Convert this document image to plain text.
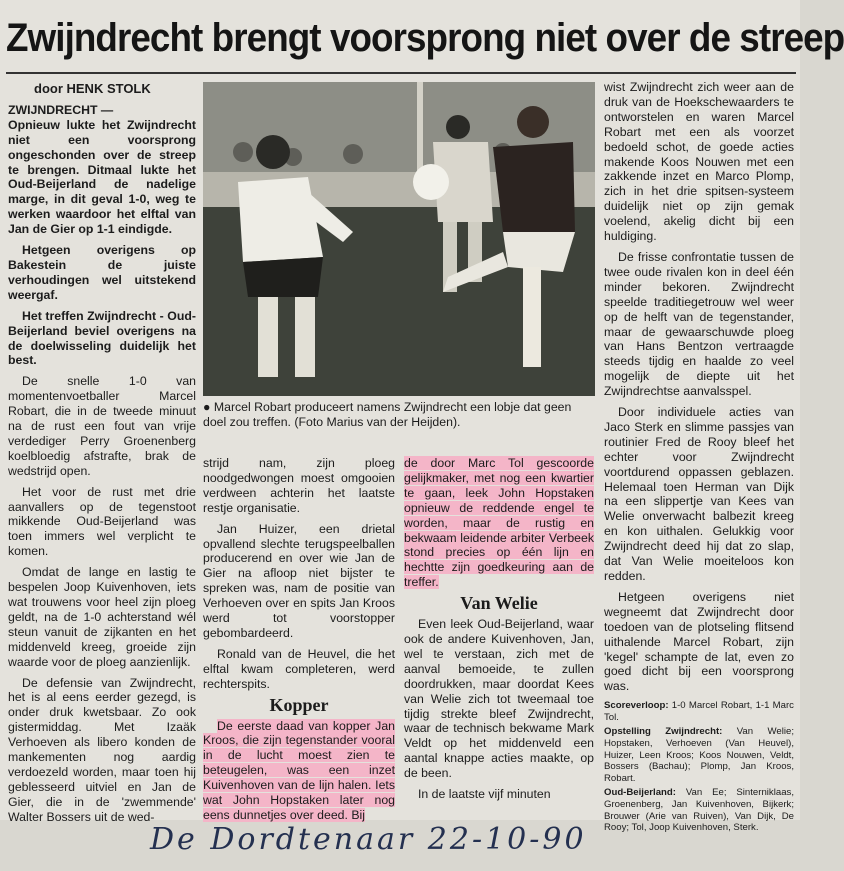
Zwijndrecht brengt voorsprong niet over de streep
door HENK STOLK

ZWIJNDRECHT —
Opnieuw lukte het Zwijndrecht niet een voorsprong ongeschonden over de streep te brengen. Ditmaal lukte het Oud-Beijerland de nadelige marge, in dit geval 1-0, weg te werken waardoor het elftal van Jan de Gier op 1-1 eindigde.

Hetgeen overigens op Bakestein de juiste verhoudingen wel uitstekend weergaf.

Het treffen Zwijndrecht - Oud-Beijerland beviel overigens na de doelwisseling duidelijk het best.

De snelle 1-0 van momentenvoetballer Marcel Robart, die in de tweede minuut na de rust een fout van vrije verdediger Perry Groenenberg koelbloedig afstrafte, brak de wedstrijd open.

Het voor de rust met drie aanvallers op de tegenstoot mikkende Oud-Beijerland was toen immers wel verplicht te komen.

Omdat de lange en lastig te bespelen Joop Kuivenhoven, iets wat trouwens voor heel zijn ploeg geldt, na de 1-0 achterstand wél steun vanuit de zijkanten en het middenveld kreeg, groeide zijn waarde voor de ploeg aanzienlijk.

De defensie van Zwijndrecht, het is al eens eerder gezegd, is onder druk kwetsbaar. Zo ook gistermiddag. Met Izaäk Verhoeven als libero konden de mankementen nog aardig verdoezeld worden, maar toen hij geblesseerd uitviel en Jan de Gier, die in de 'zwemmende' Walter Bossers uit de wed-

● Marcel Robart produceert namens Zwijndrecht een lobje dat geen doel zou treffen. (Foto Marius van der Heijden).

strijd nam, zijn ploeg noodgedwongen moest omgooien verdween achterin het laatste restje organisatie.

Jan Huizer, een drietal opvallend slechte terugspeelballen producerend en over wie Jan de Gier na afloop niet bijster te spreken was, nam de positie van Verhoeven over en spits Jan Kroos werd tot voorstopper gebombardeerd.

Ronald van de Heuvel, die het elftal kwam completeren, werd rechterspits.

Kopper

De eerste daad van kopper Jan Kroos, die zijn tegenstander vooral in de lucht moest zien te beteugelen, was een inzet Kuivenhoven van de lijn halen. Iets wat John Hopstaken later nog eens dunnetjes over deed. Bij

de door Marc Tol gescoorde gelijkmaker, met nog een kwartier te gaan, leek John Hopstaken opnieuw de reddende engel te worden, maar de rustig en bekwaam leidende arbiter Verbeek stond precies op één lijn en hechtte zijn goedkeuring aan de treffer.

Van Welie

Even leek Oud-Beijerland, waar ook de andere Kuivenhoven, Jan, wel te verstaan, zich met de aanval bemoeide, te zullen doordrukken, maar doordat Kees van Welie zich tot tweemaal toe tijdig strekte bleef Zwijndrecht, waar de technisch bekwame Mark Veldt op het middenveld een aantal knappe acties maakte, op de been.

In de laatste vijf minuten

wist Zwijndrecht zich weer aan de druk van de Hoekschewaarders te ontworstelen en waren Marcel Robart met een als voorzet bedoeld schot, de goede acties makende Koos Nouwen met een zakkende inzet en Marco Plomp, zich in het drie spitsen-systeem duidelijk niet op zijn gemak voelend, akelig dicht bij een huldiging.

De frisse confrontatie tussen de twee oude rivalen kon in deel één minder bekoren. Zwijndrecht speelde traditiegetrouw wel weer op de helft van de tegenstander, maar de gewaarschuwde ploeg van Hans Bentzon vertraagde steeds tijdig en haalde zo veel mogelijk de diepte uit het Zwijndrechtse aanvalsspel.

Door individuele acties van Jaco Sterk en slimme passjes van routinier Fred de Rooy bleef het echter voor Zwijndrecht voortdurend oppassen geblazen. Helemaal toen Herman van Dijk na een slippertje van Kees van Welie onverwacht balbezit kreeg en kon uithalen. Gelukkig voor Zwijndrecht deed hij dat zo slap, dat Van Welie moeiteloos kon redden.

Hetgeen overigens niet wegneemt dat Zwijndrecht door toedoen van de plotseling flitsend uithalende Marcel Robart, zijn 'kegel' schampte de lat, even zo goed dicht bij een voorsprong was.

Scoreverloop: 1-0 Marcel Robart, 1-1 Marc Tol.

Opstelling Zwijndrecht: Van Welie; Hopstaken, Verhoeven (Van Heuvel), Huizer, Leen Kroos; Koos Nouwen, Veldt, Bossers (Bachau); Plomp, Jan Kroos, Robart.

Oud-Beijerland: Van Ee; Sinterniklaas, Groenenberg, Jan Kuivenhoven, Bijkerk; Brouwer (Arie van Ruiven), Van Dijk, De Rooy; Tol, Joop Kuivenhoven, Sterk.

De Dordtenaar 22-10-90
